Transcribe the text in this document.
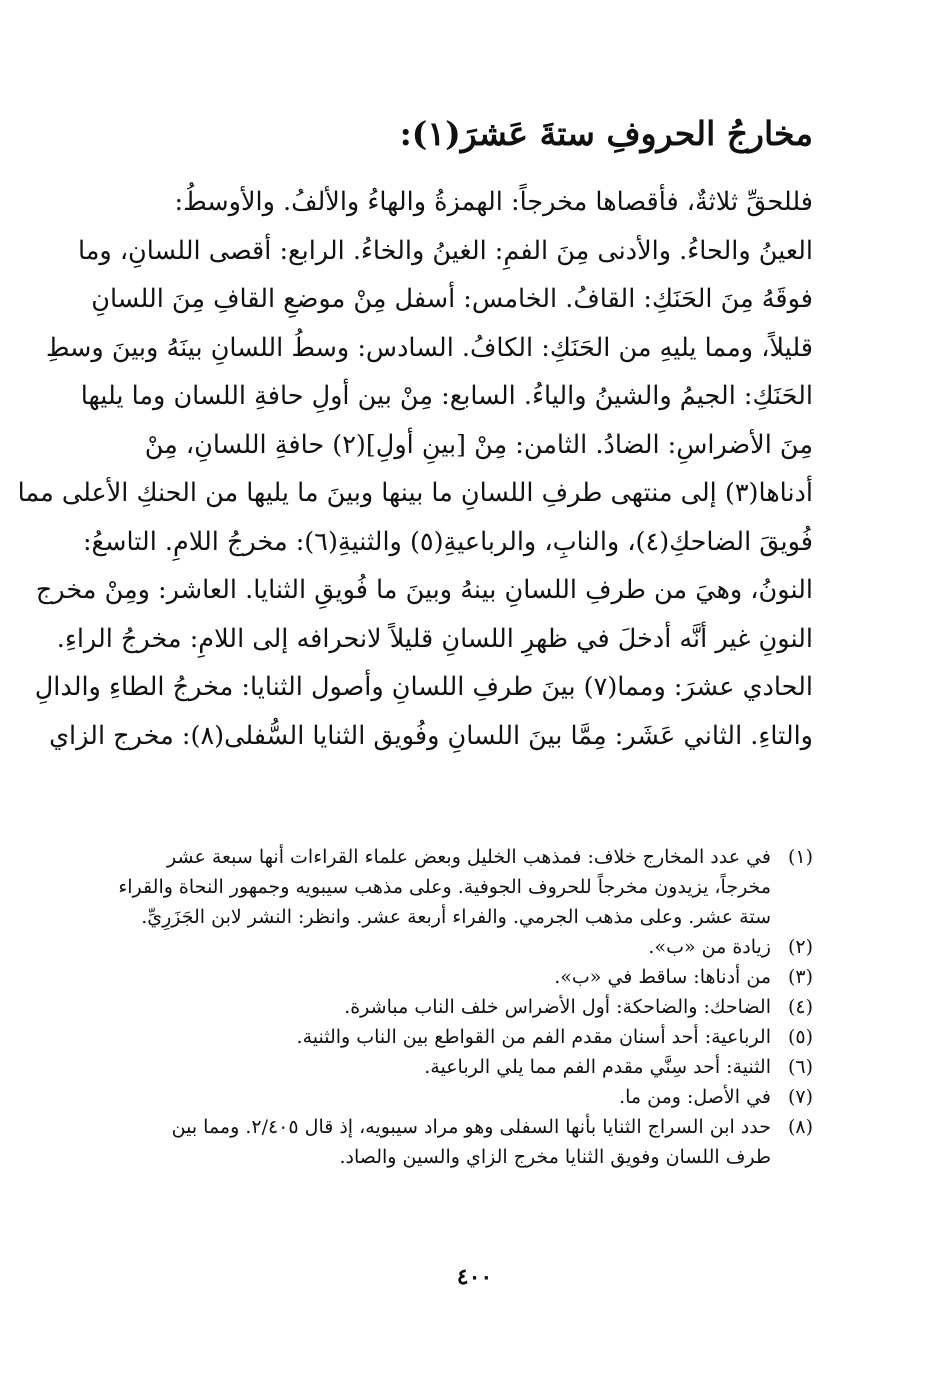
مخارجُ الحروفِ ستةَ عَشرَ(١):
فللحقِّ ثلاثةٌ، فأقصاها مخرجاً: الهمزةُ والهاءُ والألفُ. والأوسطُ:
العينُ والحاءُ. والأدنى مِنَ الفمِ: الغينُ والخاءُ. الرابع: أقصى اللسانِ، وما
فوقَهُ مِنَ الحَنَكِ: القافُ. الخامس: أسفل مِنْ موضعِ القافِ مِنَ اللسانِ
قليلاً، ومما يليهِ من الحَنَكِ: الكافُ. السادس: وسطُ اللسانِ بينَهُ وبينَ وسطِ
الحَنَكِ: الجيمُ والشينُ والياءُ. السابع: مِنْ بين أولِ حافةِ اللسان وما يليها
مِنَ الأضراسِ: الضادُ. الثامن: مِنْ [بينِ أولِ](٢) حافةِ اللسانِ، مِنْ
أدناها(٣) إلى منتهى طرفِ اللسانِ ما بينها وبينَ ما يليها من الحنكِ الأعلى مما
فُويقَ الضاحكِ(٤)، والنابِ، والرباعيةِ(٥) والثنيةِ(٦): مخرجُ اللامِ. التاسعُ:
النونُ، وهيَ من طرفِ اللسانِ بينهُ وبينَ ما فُويقِ الثنايا. العاشر: ومِنْ مخرج
النونِ غير أنَّه أدخلَ في ظهرِ اللسانِ قليلاً لانحرافه إلى اللامِ: مخرجُ الراءِ.
الحادي عشرَ: ومما(٧) بينَ طرفِ اللسانِ وأصول الثنايا: مخرجُ الطاءِ والدالِ
والتاءِ. الثاني عَشَر: مِمَّا بينَ اللسانِ وفُويق الثنايا السُّفلى(٨): مخرج الزاي
(١)
في عدد المخارج خلاف: فمذهب الخليل وبعض علماء القراءات أنها سبعة عشر
مخرجاً، يزيدون مخرجاً للحروف الجوفية. وعلى مذهب سيبويه وجمهور النحاة والقراء
ستة عشر. وعلى مذهب الجرمي. والفراء أربعة عشر. وانظر: النشر لابن الجَزَرِيِّ.
(٢)
زيادة من «ب».
(٣)
من أدناها: ساقط في «ب».
(٤)
الضاحك: والضاحكة: أول الأضراس خلف الناب مباشرة.
(٥)
الرباعية: أحد أسنان مقدم الفم من القواطع بين الناب والثنية.
(٦)
الثنية: أحد سِنَّي مقدم الفم مما يلي الرباعية.
(٧)
في الأصل: ومن ما.
(٨)
حدد ابن السراج الثنايا بأنها السفلى وهو مراد سيبويه، إذ قال ٢/٤٠٥. ومما بين
طرف اللسان وفويق الثنايا مخرج الزاي والسين والصاد.
٤٠٠
